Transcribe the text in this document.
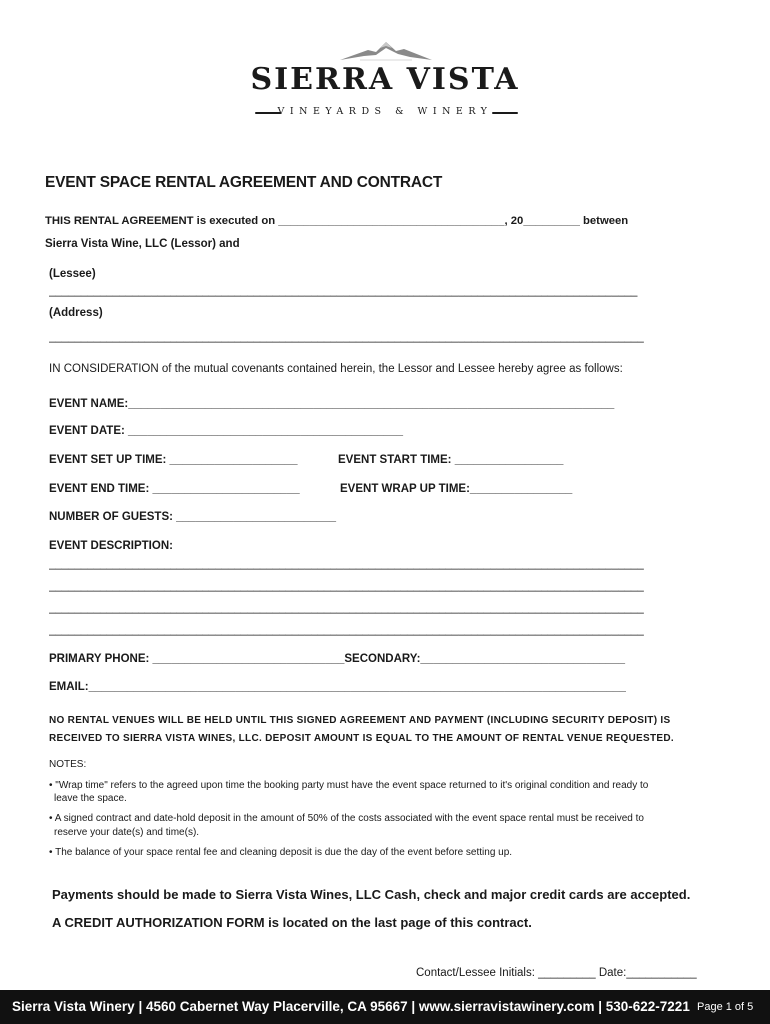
SIERRA VISTA
VINEYARDS & WINERY
EVENT SPACE RENTAL AGREEMENT AND CONTRACT
THIS RENTAL AGREEMENT is executed on ____________________________________, 20_________ between
Sierra Vista Wine, LLC (Lessor) and
(Lessee)
____________________________________________________________________________________________
(Address)
_____________________________________________________________________________________________
IN CONSIDERATION of the mutual covenants contained herein, the Lessor and Lessee hereby agree as follows:
EVENT NAME:____________________________________________________________________________
EVENT DATE: ___________________________________________
EVENT SET UP TIME: ____________________	EVENT START TIME: _________________
EVENT END TIME: _______________________	EVENT WRAP UP TIME:________________
NUMBER OF GUESTS: _________________________
EVENT DESCRIPTION:
_____________________________________________________________________________________________
_____________________________________________________________________________________________
_____________________________________________________________________________________________
_____________________________________________________________________________________________
PRIMARY PHONE: ______________________________SECONDARY:________________________________
EMAIL:____________________________________________________________________________________
NO RENTAL VENUES WILL BE HELD UNTIL THIS SIGNED AGREEMENT AND PAYMENT (INCLUDING SECURITY DEPOSIT) IS
RECEIVED TO SIERRA VISTA WINES, LLC. DEPOSIT AMOUNT IS EQUAL TO THE AMOUNT OF RENTAL VENUE REQUESTED.
NOTES:
• "Wrap time" refers to the agreed upon time the booking party must have the event space returned to it's original condition and ready to
leave the space.
• A signed contract and date-hold deposit in the amount of 50% of the costs associated with the event space rental must be received to
reserve your date(s) and time(s).
• The balance of your space rental fee and cleaning deposit is due the day of the event before setting up.
Payments should be made to Sierra Vista Wines, LLC Cash, check and major credit cards are accepted.
A CREDIT AUTHORIZATION FORM is located on the last page of this contract.
Contact/Lessee Initials: _________ Date:___________
Sierra Vista Winery | 4560 Cabernet Way Placerville, CA 95667 | www.sierravistawinery.com | 530-622-7221 Page 1 of 5
